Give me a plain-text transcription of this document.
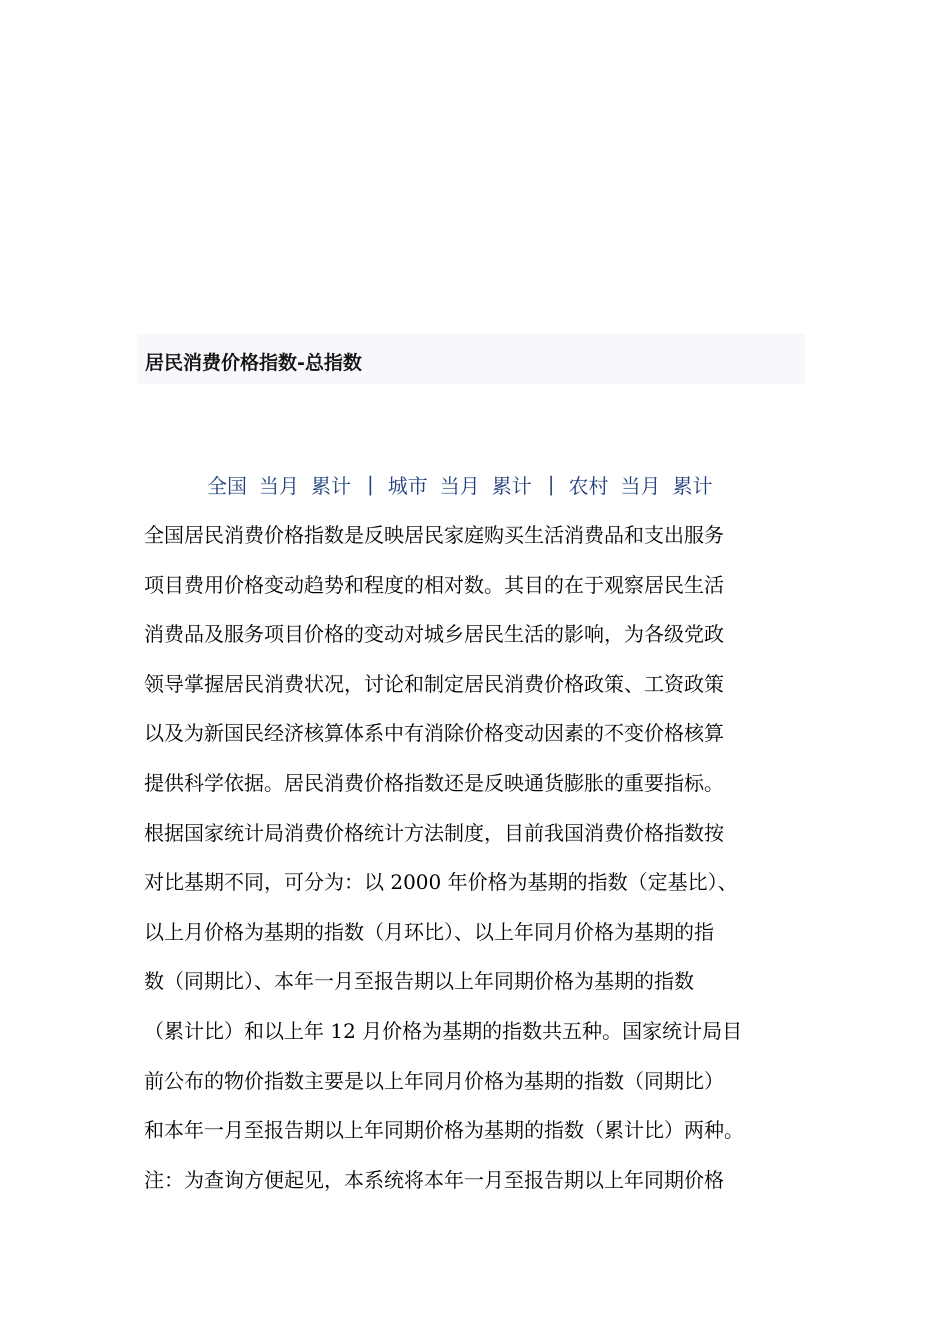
居民消费价格指数-总指数
全国 当月 累计 | 城市 当月 累计 | 农村 当月 累计
全国居民消费价格指数是反映居民家庭购买生活消费品和支出服务
项目费用价格变动趋势和程度的相对数。其目的在于观察居民生活
消费品及服务项目价格的变动对城乡居民生活的影响，为各级党政
领导掌握居民消费状况，讨论和制定居民消费价格政策、工资政策
以及为新国民经济核算体系中有消除价格变动因素的不变价格核算
提供科学依据。居民消费价格指数还是反映通货膨胀的重要指标。
根据国家统计局消费价格统计方法制度，目前我国消费价格指数按
对比基期不同，可分为：以 2000 年价格为基期的指数（定基比）、
以上月价格为基期的指数（月环比）、以上年同月价格为基期的指
数（同期比）、本年一月至报告期以上年同期价格为基期的指数
（累计比）和以上年 12 月价格为基期的指数共五种。国家统计局目
前公布的物价指数主要是以上年同月价格为基期的指数（同期比）
和本年一月至报告期以上年同期价格为基期的指数（累计比）两种。
注：为查询方便起见，本系统将本年一月至报告期以上年同期价格
